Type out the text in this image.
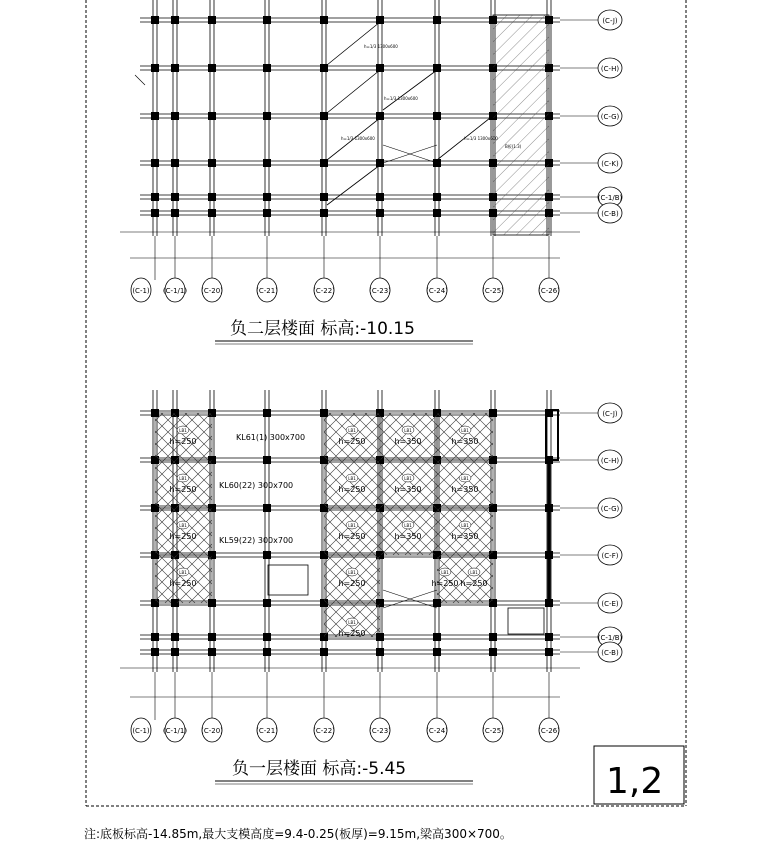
(C-J)
(C-H)
(C-G)
(C-K)
(C-1/B)
(C-B)
(C-1) (C-1/1) (C-20)	(C-21)	(C-22)	(C-23)	(C-24)	(C-25)	(C-26)
h=1/3 1300x600
h=1/3 1300x600
h=1/3 1300x600	h=1/3 1300x600
B板(1.3)
(C-J)
(C-H)
(C-G)
(C-F)
(C-E)
(C-1/B)
(C-B)
(C-1) (C-1/1) (C-20)	(C-21)	(C-22)	(C-23)	(C-24)	(C-25)	(C-26)
LB1
h=250
LB1
h=250
LB1
h=250
LB1
h=250
LB1
h=250
LB1
h=350
LB1
h=350
LB1
h=250
LB1
h=350
LB1
h=350
LB1
h=250
LB1
h=350
LB1
h=350
LB1
h=250
LB1
h=250
LB1
h=250
LB1
h=250
KL61(1) 300x700
KL60(22) 300x700
KL59(22) 300x700
负二层楼面 标高:-10.15
负一层楼面 标高:-5.45	1,2
注:底板标高-14.85m,最大支模高度=9.4-0.25(板厚)=9.15m,梁高300×700。
